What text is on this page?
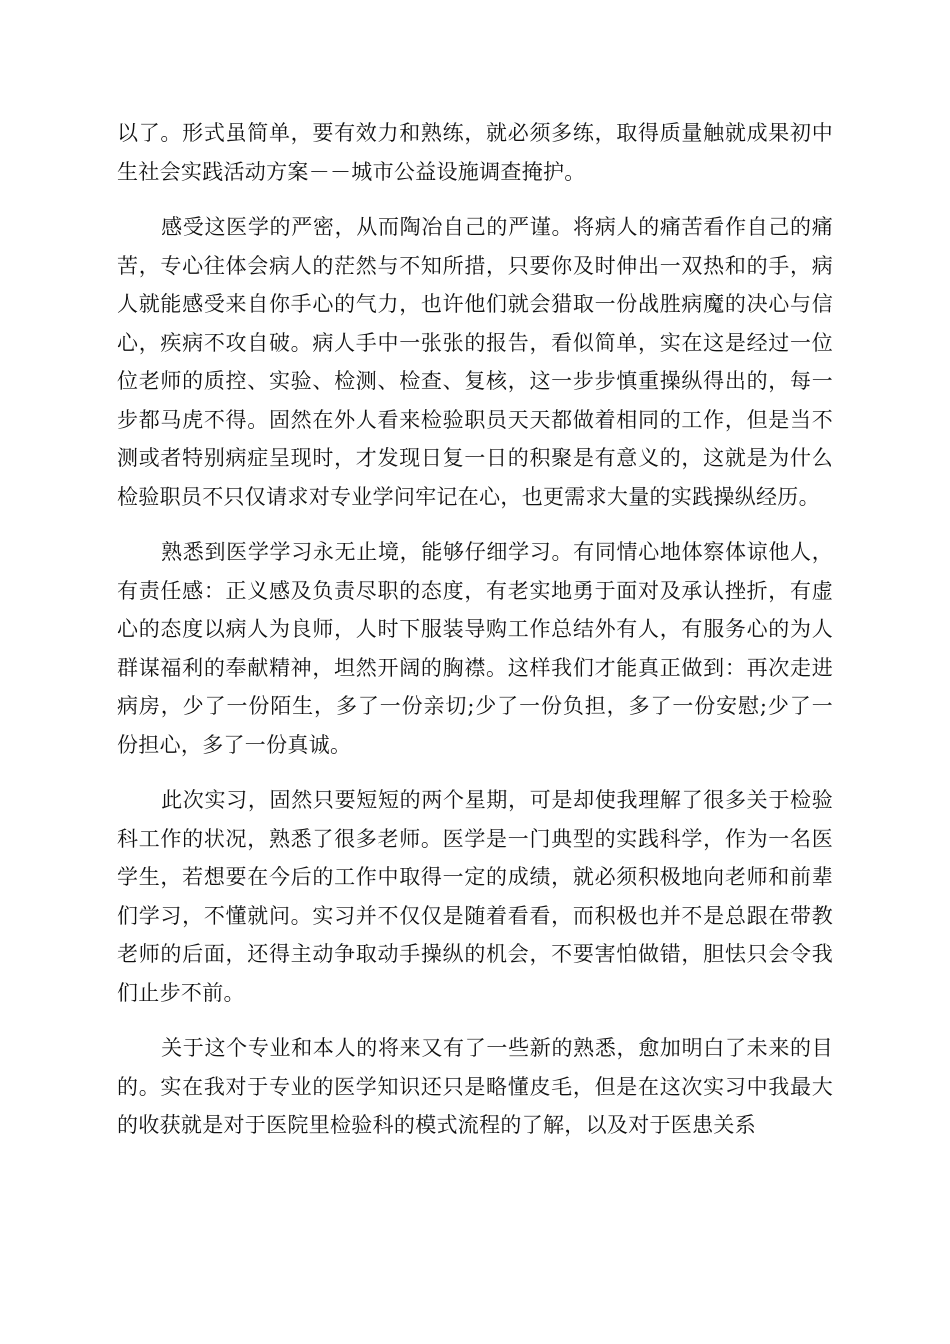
以了。形式虽简单，要有效力和熟练，就必须多练，取得质量触就成果初中生社会实践活动方案－－城市公益设施调查掩护。

感受这医学的严密，从而陶冶自己的严谨。将病人的痛苦看作自己的痛苦，专心往体会病人的茫然与不知所措，只要你及时伸出一双热和的手，病人就能感受来自你手心的气力，也许他们就会猎取一份战胜病魔的决心与信心，疾病不攻自破。病人手中一张张的报告，看似简单，实在这是经过一位位老师的质控、实验、检测、检查、复核，这一步步慎重操纵得出的，每一步都马虎不得。固然在外人看来检验职员天天都做着相同的工作，但是当不测或者特别病症呈现时，才发现日复一日的积聚是有意义的，这就是为什么检验职员不只仅请求对专业学问牢记在心，也更需求大量的实践操纵经历。

熟悉到医学学习永无止境，能够仔细学习。有同情心地体察体谅他人，有责任感：正义感及负责尽职的态度，有老实地勇于面对及承认挫折，有虚心的态度以病人为良师，人时下服装导购工作总结外有人，有服务心的为人群谋福利的奉献精神，坦然开阔的胸襟。这样我们才能真正做到：再次走进病房，少了一份陌生，多了一份亲切;少了一份负担，多了一份安慰;少了一份担心，多了一份真诚。

此次实习，固然只要短短的两个星期，可是却使我理解了很多关于检验科工作的状况，熟悉了很多老师。医学是一门典型的实践科学，作为一名医学生，若想要在今后的工作中取得一定的成绩，就必须积极地向老师和前辈们学习，不懂就问。实习并不仅仅是随着看看，而积极也并不是总跟在带教老师的后面，还得主动争取动手操纵的机会，不要害怕做错，胆怯只会令我们止步不前。

关于这个专业和本人的将来又有了一些新的熟悉，愈加明白了未来的目的。实在我对于专业的医学知识还只是略懂皮毛，但是在这次实习中我最大的收获就是对于医院里检验科的模式流程的了解，以及对于医患关系
